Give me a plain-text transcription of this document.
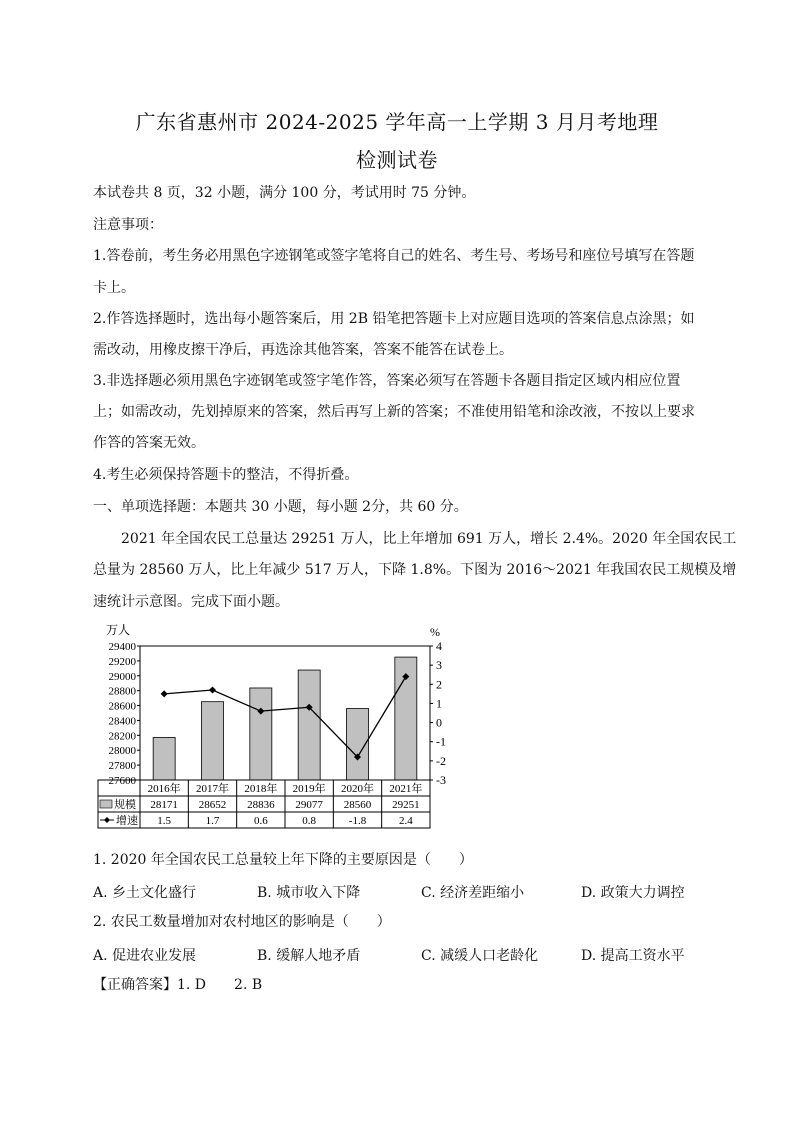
广东省惠州市 2024-2025 学年高一上学期 3 月月考地理
检测试卷
本试卷共 8 页，32 小题，满分 100 分，考试用时 75 分钟。
注意事项：
1.答卷前，考生务必用黑色字迹钢笔或签字笔将自己的姓名、考生号、考场号和座位号填写在答题
卡上。
2.作答选择题时，选出每小题答案后，用 2B 铅笔把答题卡上对应题目选项的答案信息点涂黑；如
需改动，用橡皮擦干净后，再选涂其他答案，答案不能答在试卷上。
3.非选择题必须用黑色字迹钢笔或签字笔作答，答案必须写在答题卡各题目指定区域内相应位置
上；如需改动，先划掉原来的答案，然后再写上新的答案；不准使用铅笔和涂改液，不按以上要求
作答的答案无效。
4.考生必须保持答题卡的整洁，不得折叠。
一、单项选择题：本题共 30 小题，每小题 2分，共 60 分。
2021 年全国农民工总量达 29251 万人，比上年增加 691 万人，增长 2.4%。2020 年全国农民工
总量为 28560 万人，比上年减少 517 万人，下降 1.8%。下图为 2016～2021 年我国农民工规模及增
速统计示意图。完成下面小题。
万人	%
29400
29200
29000
28800
28600
28400
28200
28000
27800
27600
4
3
2
1
0
-1
-2
-3
2016年 2017年 2018年 2019年 2020年 2021年
规模
增速
28171 28652 28836 29077 28560 29251
1.5	1.7	0.6	0.8	-1.8	2.4
1. 2020 年全国农民工总量较上年下降的主要原因是（　　）
A. 乡土文化盛行	B. 城市收入下降	C. 经济差距缩小	D. 政策大力调控
2. 农民工数量增加对农村地区的影响是（　　）
A. 促进农业发展	B. 缓解人地矛盾	C. 减缓人口老龄化	D. 提高工资水平
【正确答案】1. D　　2. B
